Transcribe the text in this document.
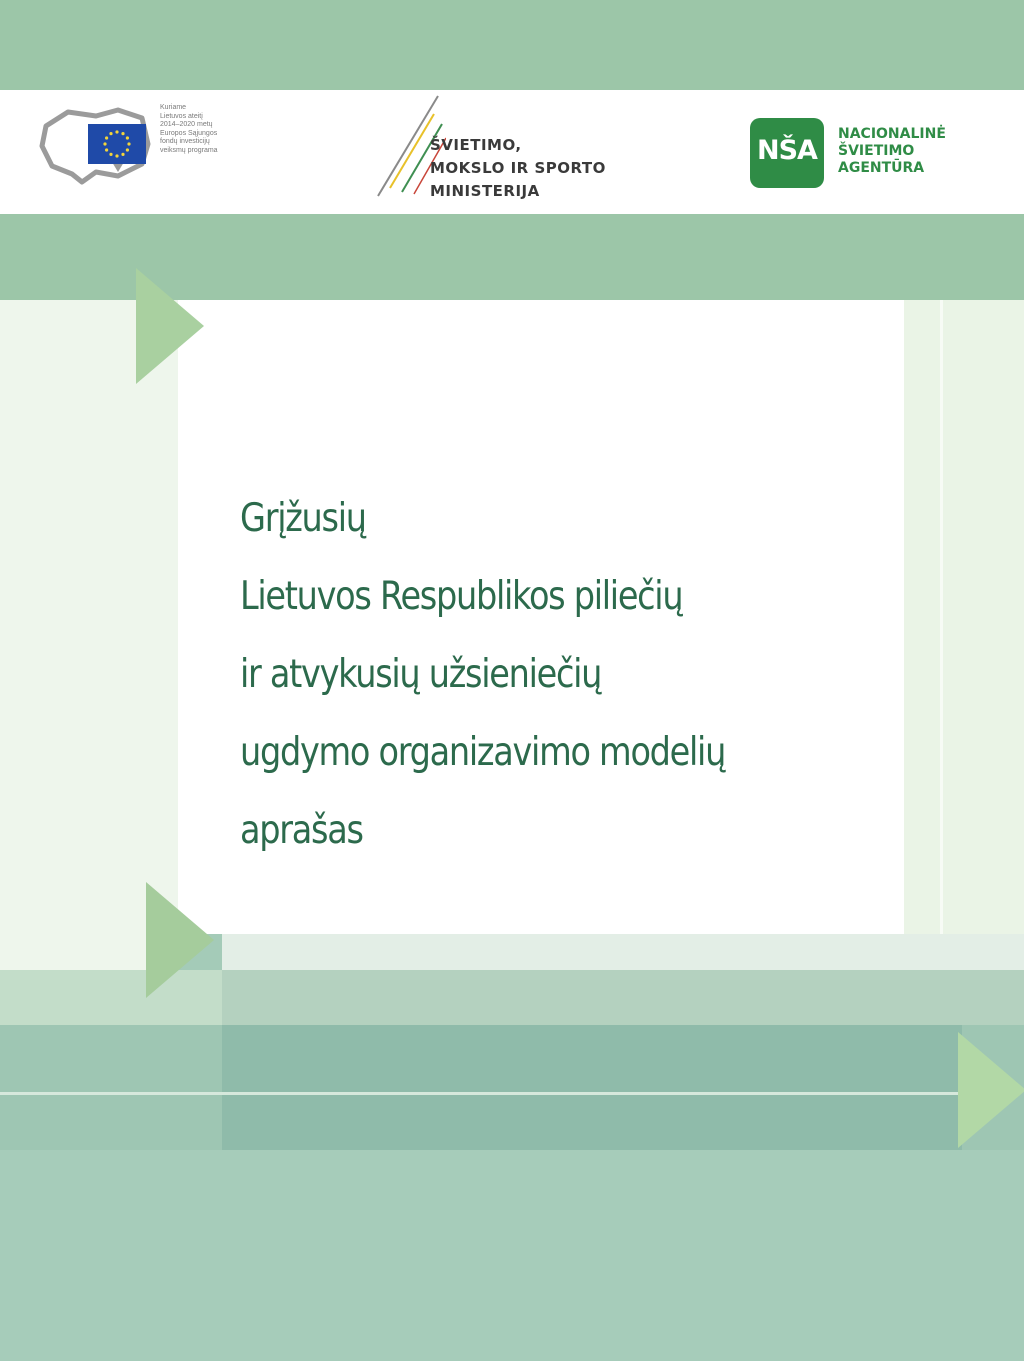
Kuriame
Lietuvos ateitį
2014–2020 metų
Europos Sąjungos
fondų investicijų
veiksmų programa	ŠVIETIMO,
MOKSLO IR SPORTO
MINISTERIJA
NŠA
NACIONALINĖ
ŠVIETIMO
AGENTŪRA
Grįžusių
Lietuvos Respublikos piliečių
ir atvykusių užsieniečių
ugdymo organizavimo modelių
aprašas
